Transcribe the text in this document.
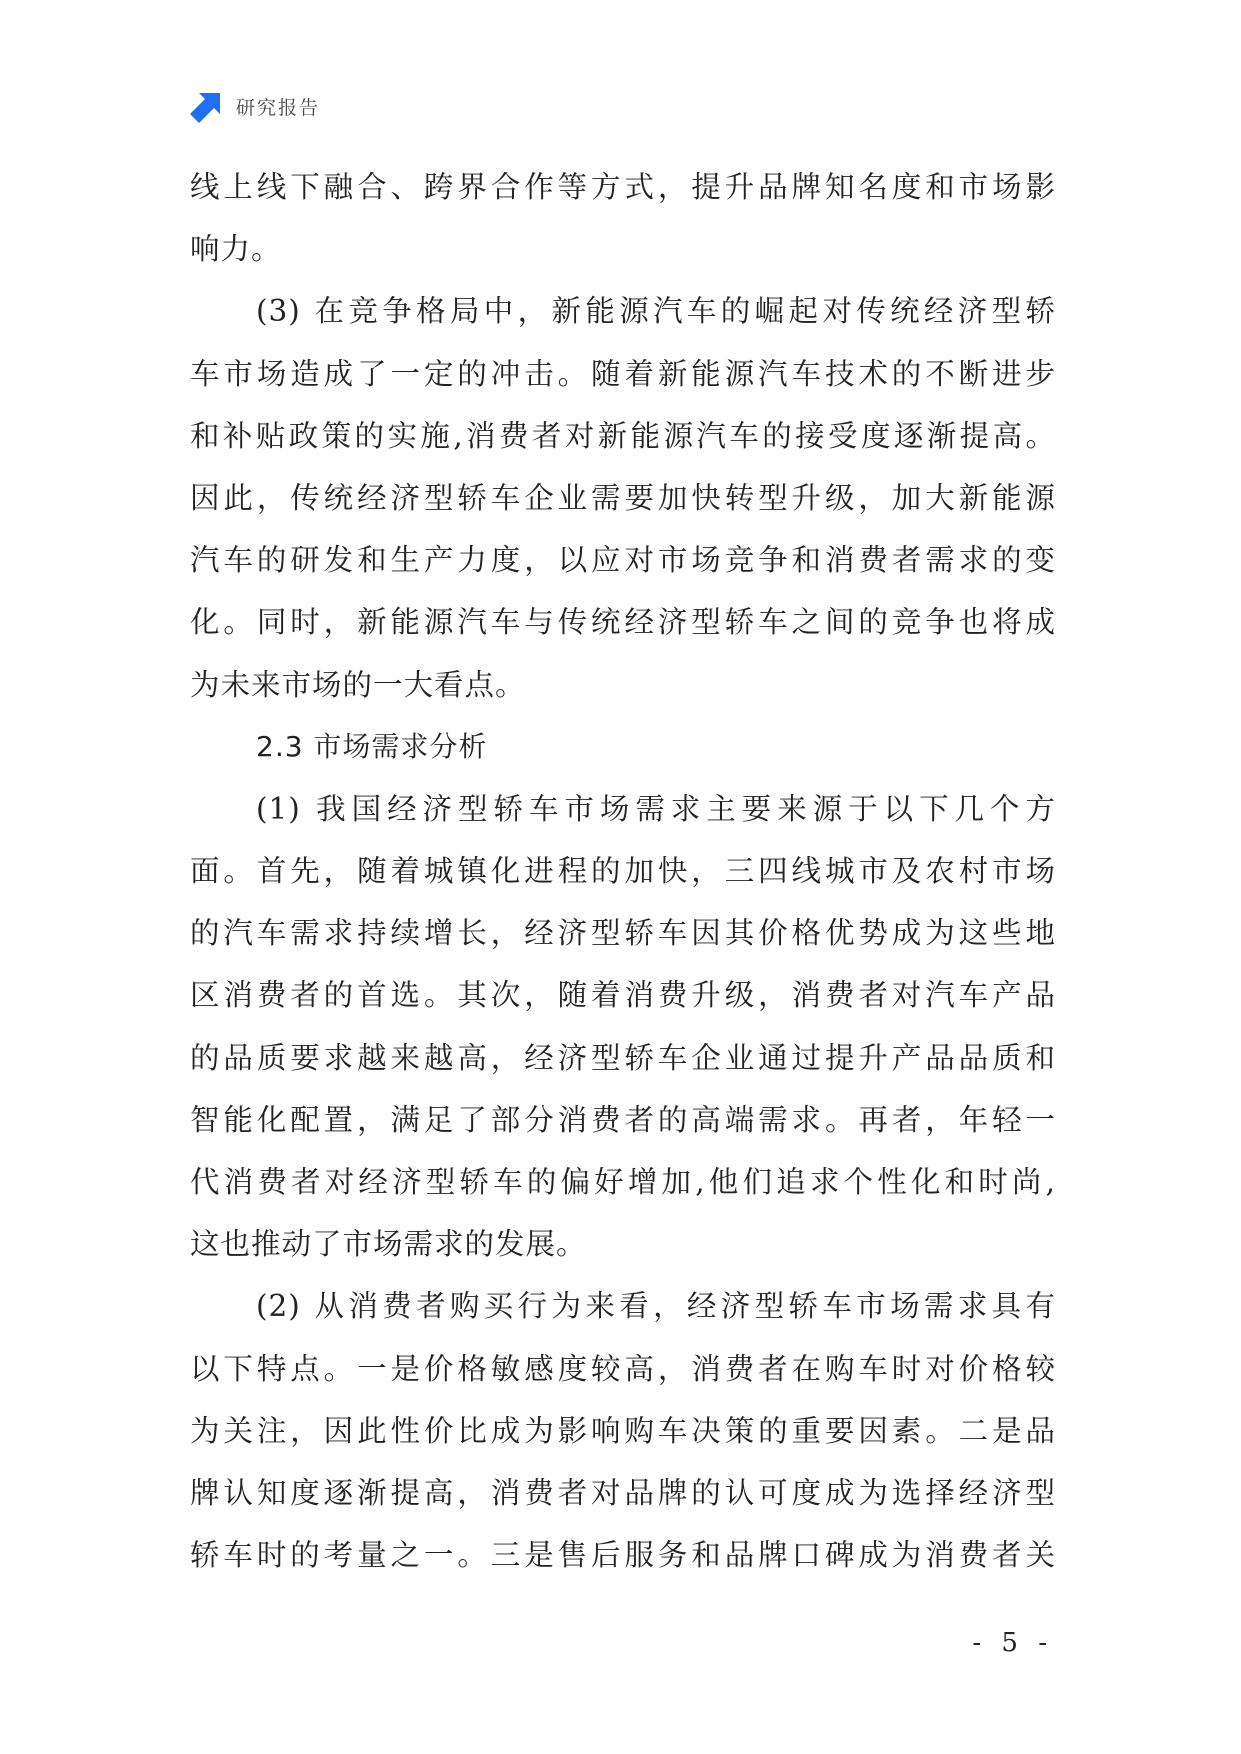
研究报告
线上线下融合、跨界合作等方式，提升品牌知名度和市场影
响力。
(3) 在竞争格局中，新能源汽车的崛起对传统经济型轿
车市场造成了一定的冲击。随着新能源汽车技术的不断进步
和补贴政策的实施,消费者对新能源汽车的接受度逐渐提高。
因此，传统经济型轿车企业需要加快转型升级，加大新能源
汽车的研发和生产力度，以应对市场竞争和消费者需求的变
化。同时，新能源汽车与传统经济型轿车之间的竞争也将成
为未来市场的一大看点。
2.3 市场需求分析
(1) 我国经济型轿车市场需求主要来源于以下几个方
面。首先，随着城镇化进程的加快，三四线城市及农村市场
的汽车需求持续增长，经济型轿车因其价格优势成为这些地
区消费者的首选。其次，随着消费升级，消费者对汽车产品
的品质要求越来越高，经济型轿车企业通过提升产品品质和
智能化配置，满足了部分消费者的高端需求。再者，年轻一
代消费者对经济型轿车的偏好增加,他们追求个性化和时尚,
这也推动了市场需求的发展。
(2) 从消费者购买行为来看，经济型轿车市场需求具有
以下特点。一是价格敏感度较高，消费者在购车时对价格较
为关注，因此性价比成为影响购车决策的重要因素。二是品
牌认知度逐渐提高，消费者对品牌的认可度成为选择经济型
轿车时的考量之一。三是售后服务和品牌口碑成为消费者关
- 5 -
